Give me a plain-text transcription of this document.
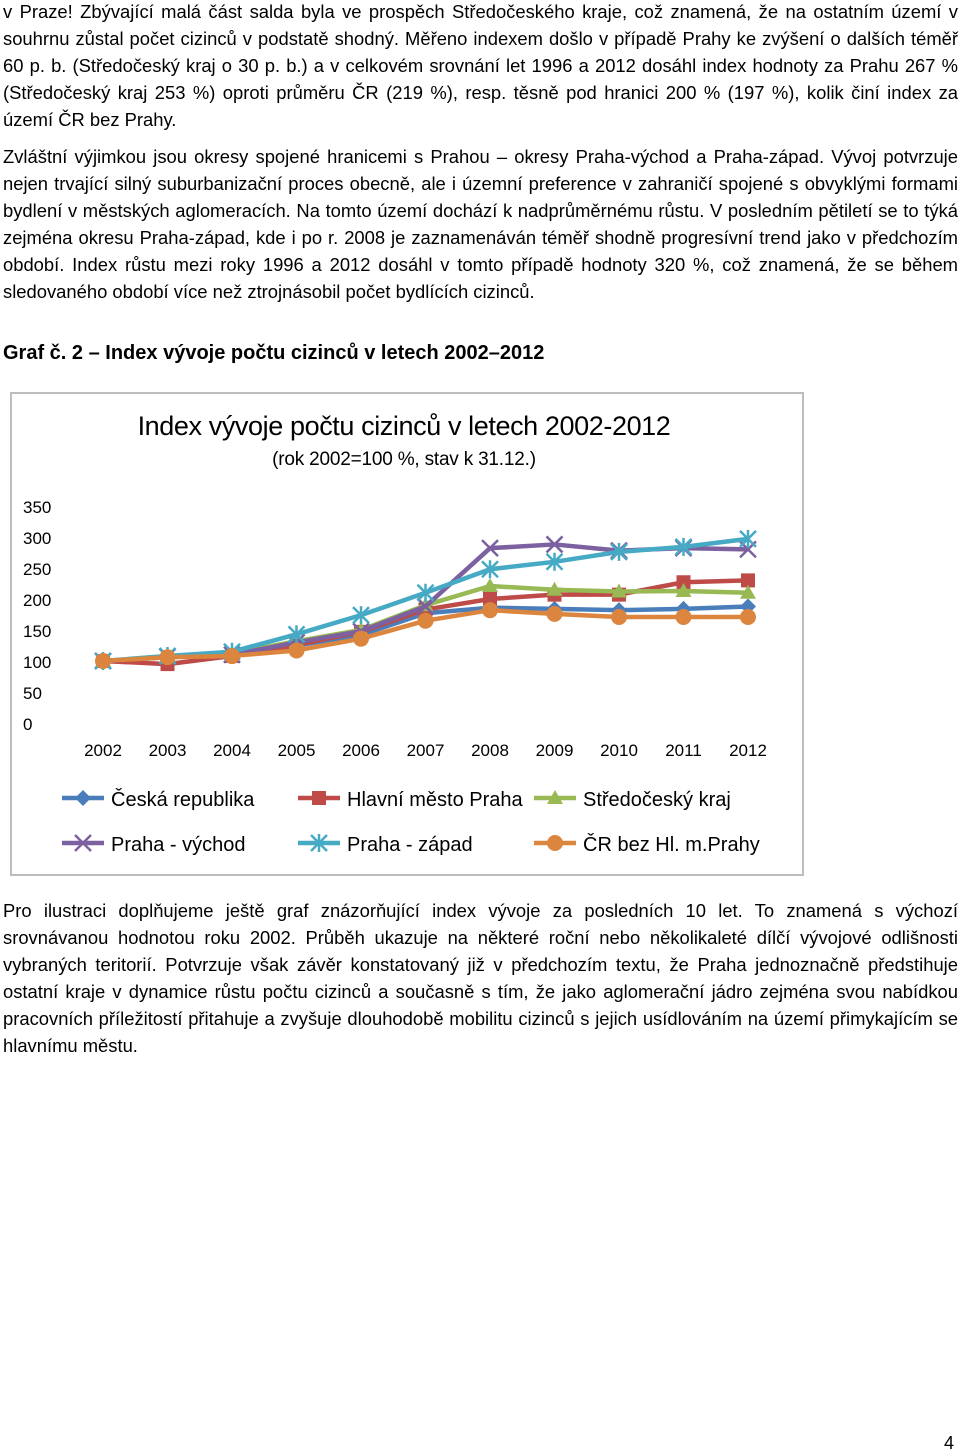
v Praze! Zbývající malá část salda byla ve prospěch Středočeského kraje, což znamená, že na ostatním území v souhrnu zůstal počet cizinců v podstatě shodný. Měřeno indexem došlo v případě Prahy ke zvýšení o dalších téměř 60 p. b. (Středočeský kraj o 30 p. b.) a v celkovém srovnání let 1996 a 2012 dosáhl index hodnoty za Prahu 267 % (Středočeský kraj 253 %) oproti průměru ČR (219 %), resp. těsně pod hranici 200 % (197 %), kolik činí index za území ČR bez Prahy.

Zvláštní výjimkou jsou okresy spojené hranicemi s Prahou – okresy Praha-východ a Praha-západ. Vývoj potvrzuje nejen trvající silný suburbanizační proces obecně, ale i územní preference v zahraničí spojené s obvyklými formami bydlení v městských aglomeracích. Na tomto území dochází k nadprůměrnému růstu. V posledním pětiletí se to týká zejména okresu Praha-západ, kde i po r. 2008 je zaznamenáván téměř shodně progresívní trend jako v předchozím období. Index růstu mezi roky 1996 a 2012 dosáhl v tomto případě hodnoty 320 %, což znamená, že se během sledovaného období více než ztrojnásobil počet bydlících cizinců.

Graf č. 2 – Index vývoje počtu cizinců v letech 2002–2012

Index vývoje počtu cizinců v letech 2002-2012
(rok 2002=100 %, stav k 31.12.)
0
50
100
150
200
250
300
350
2002 2003 2004 2005 2006 2007 2008 2009 2010 2011 2012
Česká republika	Hlavní město Praha	Středočeský kraj
Praha - východ	Praha - západ	ČR bez Hl. m.Prahy

Pro ilustraci doplňujeme ještě graf znázorňující index vývoje za posledních 10 let. To znamená s výchozí srovnávanou hodnotou roku 2002. Průběh ukazuje na některé roční nebo několikaleté dílčí vývojové odlišnosti vybraných teritorií. Potvrzuje však závěr konstatovaný již v předchozím textu, že Praha jednoznačně předstihuje ostatní kraje v dynamice růstu počtu cizinců a současně s tím, že jako aglomerační jádro zejména svou nabídkou pracovních příležitostí přitahuje a zvyšuje dlouhodobě mobilitu cizinců s jejich usídlováním na území přimykajícím se hlavnímu městu.

4
